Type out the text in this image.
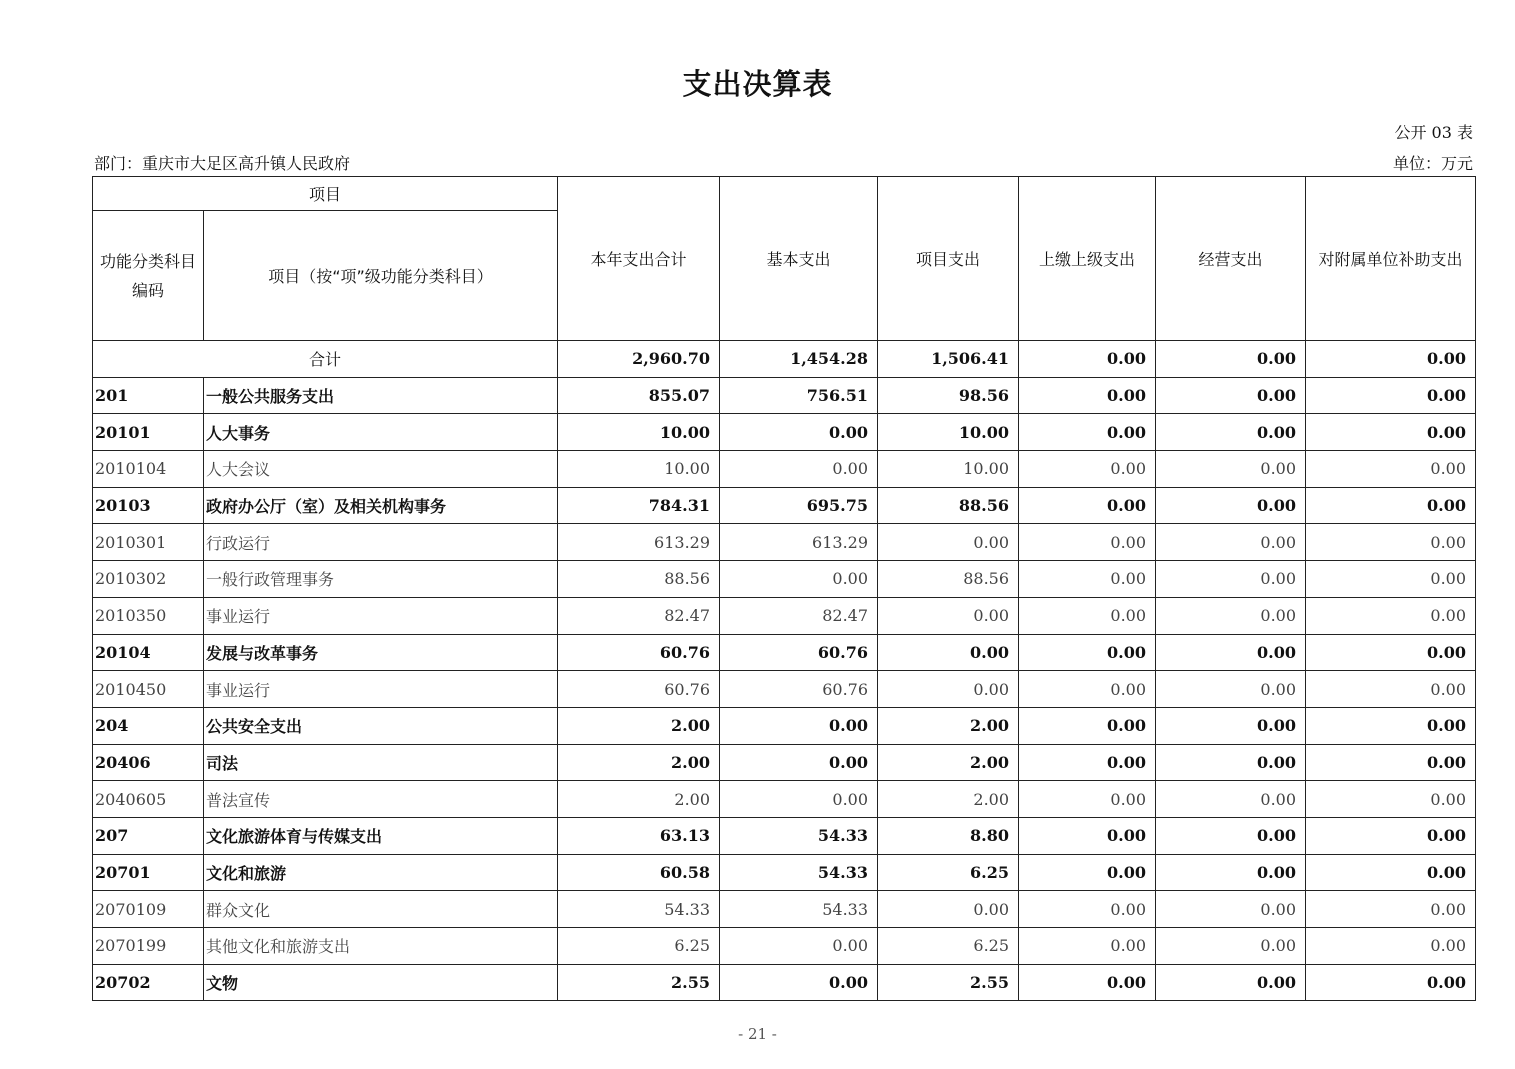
支出决算表
公开 03 表
部门：重庆市大足区高升镇人民政府	单位：万元
项目		本年支出合计	基本支出	项目支出	上缴上级支出	经营支出	对附属单位补助支出
功能分类科目编码	项目（按“项”级功能分类科目）						
合计		2,960.70	1,454.28	1,506.41	0.00	0.00	0.00
201	一般公共服务支出	855.07	756.51	98.56	0.00	0.00	0.00
20101	人大事务	10.00	0.00	10.00	0.00	0.00	0.00
2010104	人大会议	10.00	0.00	10.00	0.00	0.00	0.00
20103	政府办公厅（室）及相关机构事务	784.31	695.75	88.56	0.00	0.00	0.00
2010301	行政运行	613.29	613.29	0.00	0.00	0.00	0.00
2010302	一般行政管理事务	88.56	0.00	88.56	0.00	0.00	0.00
2010350	事业运行	82.47	82.47	0.00	0.00	0.00	0.00
20104	发展与改革事务	60.76	60.76	0.00	0.00	0.00	0.00
2010450	事业运行	60.76	60.76	0.00	0.00	0.00	0.00
204	公共安全支出	2.00	0.00	2.00	0.00	0.00	0.00
20406	司法	2.00	0.00	2.00	0.00	0.00	0.00
2040605	普法宣传	2.00	0.00	2.00	0.00	0.00	0.00
207	文化旅游体育与传媒支出	63.13	54.33	8.80	0.00	0.00	0.00
20701	文化和旅游	60.58	54.33	6.25	0.00	0.00	0.00
2070109	群众文化	54.33	54.33	0.00	0.00	0.00	0.00
2070199	其他文化和旅游支出	6.25	0.00	6.25	0.00	0.00	0.00
20702	文物	2.55	0.00	2.55	0.00	0.00	0.00
- 21 -
